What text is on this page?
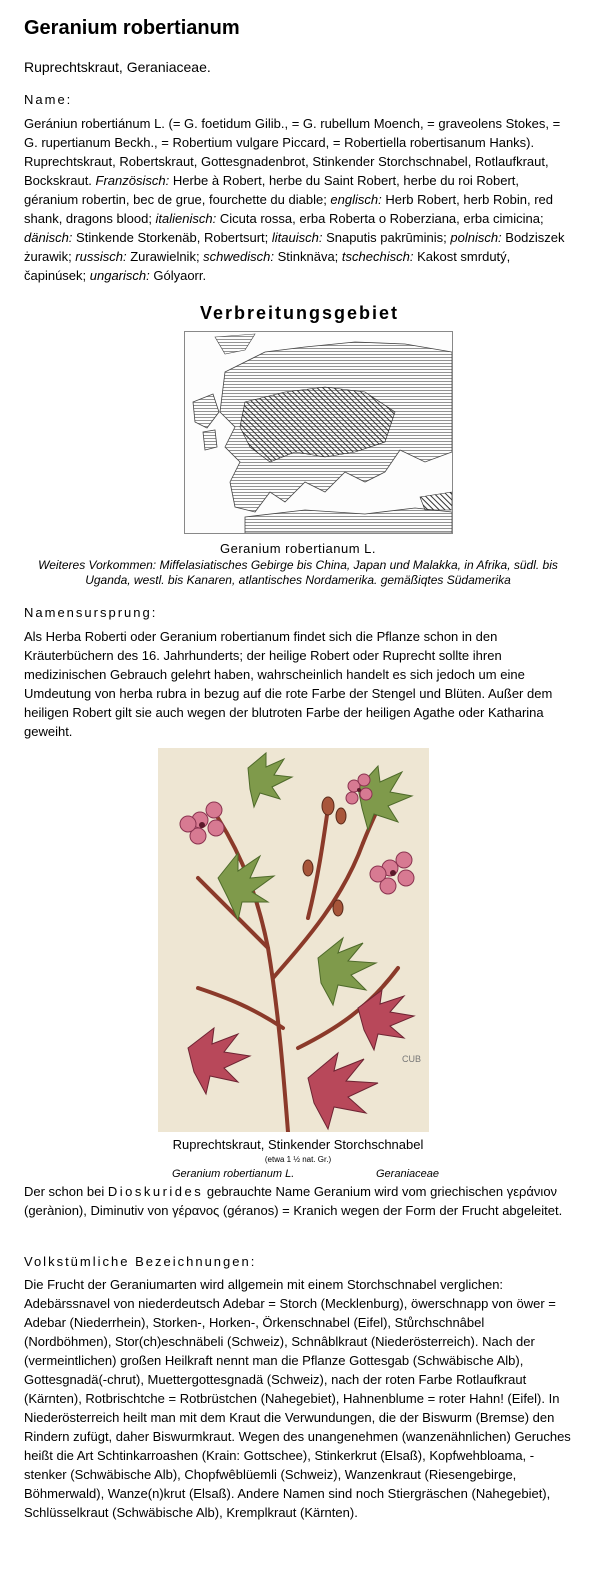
Geranium robertianum
Ruprechtskraut, Geraniaceae.
Name:
Gerániun robertiánum L. (= G. foetidum Gilib., = G. rubellum Moench, = graveolens Stokes, = G. rupertianum Beckh., = Robertium vulgare Piccard, = Robertiella robertisanum Hanks). Ruprechtskraut, Robertskraut, Gottesgnadenbrot, Stinkender Storchschnabel, Rotlaufkraut, Bockskraut. Französisch: Herbe à Robert, herbe du Saint Robert, herbe du roi Robert, géranium robertin, bec de grue, fourchette du diable; englisch: Herb Robert, herb Robin, red shank, dragons blood; italienisch: Cicuta rossa, erba Roberta o Roberziana, erba cimicina; dänisch: Stinkende Storkenäb, Robertsurt; litauisch: Snaputis pakrūminis; polnisch: Bodziszek żurawik; russisch: Zurawielnik; schwedisch: Stinknäva; tschechisch: Kakost smrdutý, čapinúsek; ungarisch: Gólyaorr.
Verbreitungsgebiet
Geranium robertianum L.
Weiteres Vorkommen: Miffelasiatisches Gebirge bis China, Japan und Malakka, in Afrika, südl. bis Uganda, westl. bis Kanaren, atlantisches Nordamerika. gemäßiqtes Südamerika
Namensursprung:
Als Herba Roberti oder Geranium robertianum findet sich die Pflanze schon in den Kräuterbüchern des 16. Jahrhunderts; der heilige Robert oder Ruprecht sollte ihren medizinischen Gebrauch gelehrt haben, wahrscheinlich handelt es sich jedoch um eine Umdeutung von herba rubra in bezug auf die rote Farbe der Stengel und Blüten. Außer dem heiligen Robert gilt sie auch wegen der blutroten Farbe der heiligen Agathe oder Katharina geweiht.
CUB
Ruprechtskraut, Stinkender Storchschnabel
(etwa 1 ½ nat. Gr.)
Geranium robertianum L.	Geraniaceae
Der schon bei Dioskurides gebrauchte Name Geranium wird vom griechischen γεράνιον (gerànion), Diminutiv von γέρανος (géranos) = Kranich wegen der Form der Frucht abgeleitet.
Volkstümliche Bezeichnungen:
Die Frucht der Geraniumarten wird allgemein mit einem Storchschnabel verglichen: Adebärssnavel von niederdeutsch Adebar = Storch (Mecklenburg), öwerschnapp von öwer = Adebar (Niederrhein), Storken-, Horken-, Örkenschnabel (Eifel), Stůrchschnâbel (Nordböhmen), Stor(ch)eschnäbeli (Schweiz), Schnâblkraut (Niederösterreich). Nach der (vermeintlichen) großen Heilkraft nennt man die Pflanze Gottesgab (Schwäbische Alb), Gottesgnadä(-chrut), Muettergottesgnadä (Schweiz), nach der roten Farbe Rotlaufkraut (Kärnten), Rotbrischtche = Rotbrüstchen (Nahegebiet), Hahnenblume = roter Hahn! (Eifel). In Niederösterreich heilt man mit dem Kraut die Verwundungen, die der Biswurm (Bremse) den Rindern zufügt, daher Biswurmkraut. Wegen des unangenehmen (wanzenähnlichen) Geruches heißt die Art Schtinkarroashen (Krain: Gottschee), Stinkerkrut (Elsaß), Kopfwehbloama, -stenker (Schwäbische Alb), Chopfwêblüemli (Schweiz), Wanzenkraut (Riesengebirge, Böhmerwald), Wanze(n)krut (Elsaß). Andere Namen sind noch Stiergräschen (Nahegebiet), Schlüsselkraut (Schwäbische Alb), Kremplkraut (Kärnten).
